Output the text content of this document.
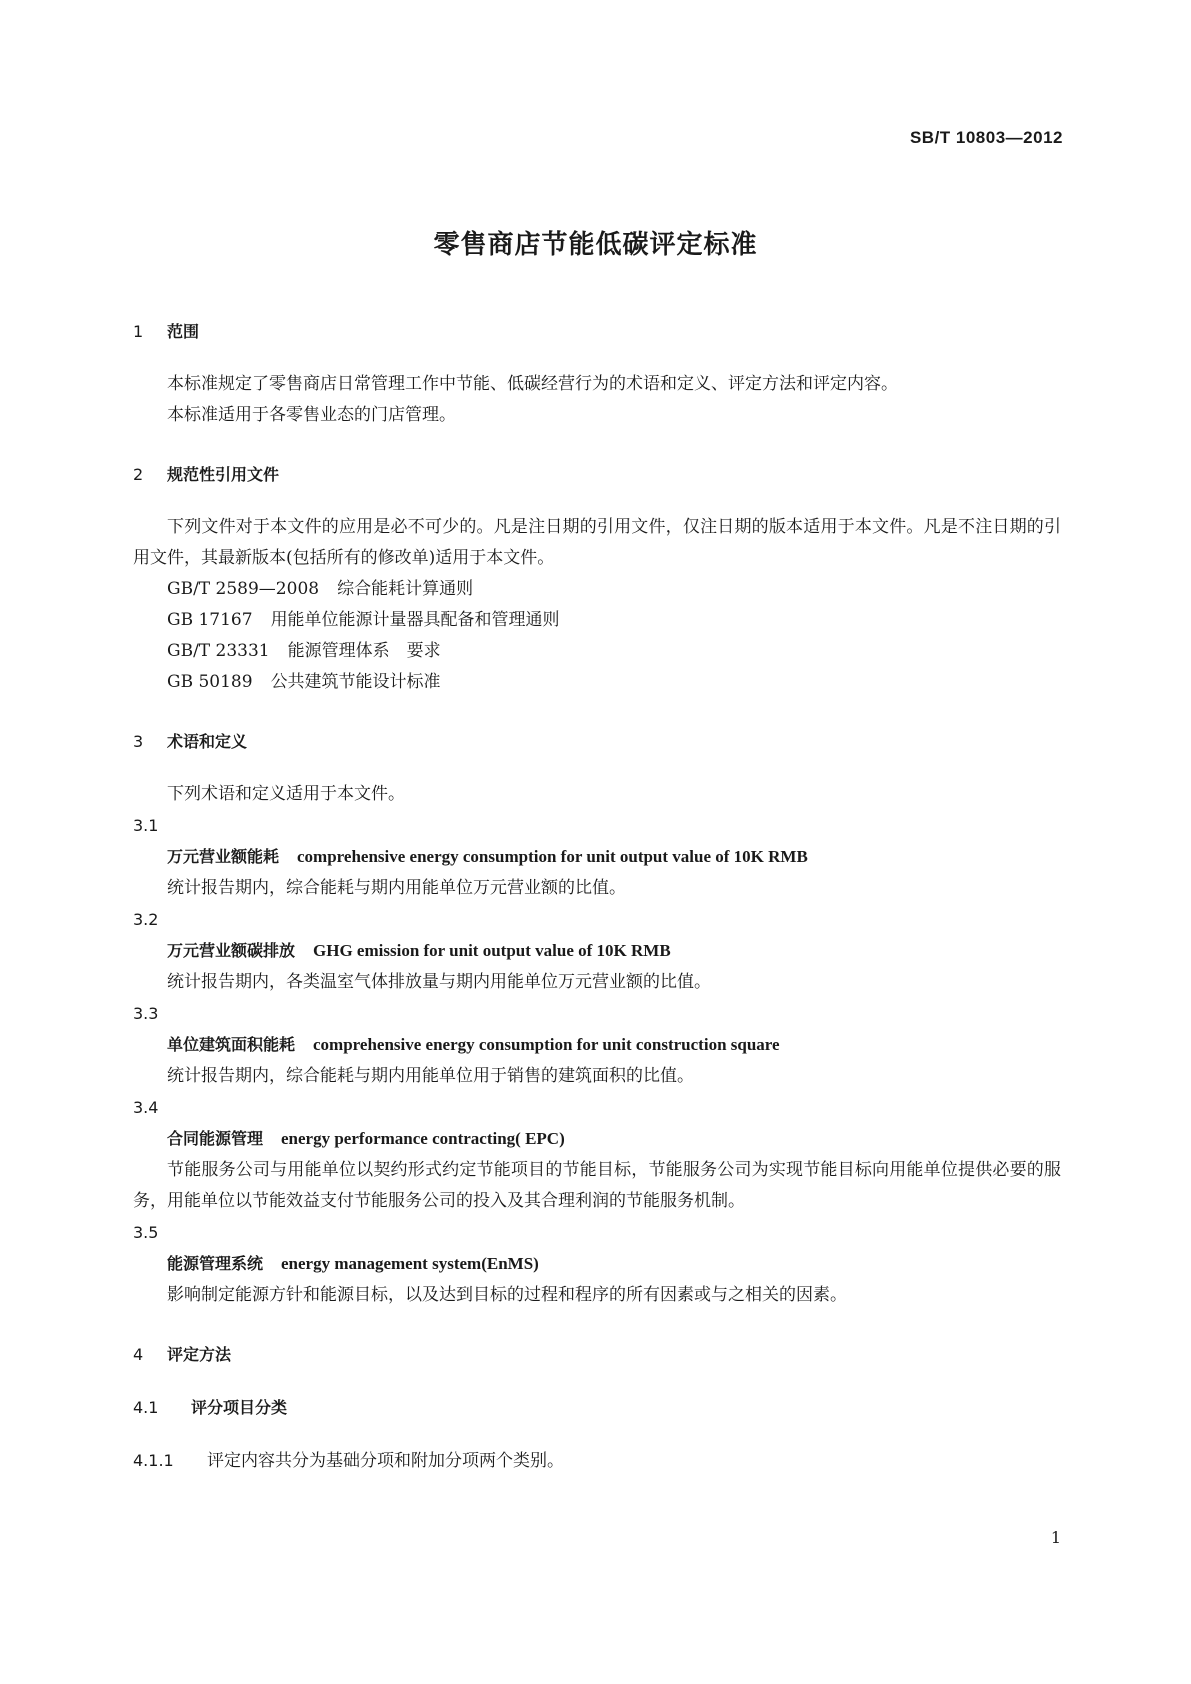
SB/T 10803—2012
零售商店节能低碳评定标准
1 范围

本标准规定了零售商店日常管理工作中节能、低碳经营行为的术语和定义、评定方法和评定内容。

本标准适用于各零售业态的门店管理。

2 规范性引用文件

下列文件对于本文件的应用是必不可少的。凡是注日期的引用文件，仅注日期的版本适用于本文件。凡是不注日期的引用文件，其最新版本(包括所有的修改单)适用于本文件。

GB/T 2589—2008 综合能耗计算通则

GB 17167 用能单位能源计量器具配备和管理通则

GB/T 23331 能源管理体系　要求

GB 50189 公共建筑节能设计标准

3 术语和定义

下列术语和定义适用于本文件。

3.1

万元营业额能耗 comprehensive energy consumption for unit output value of 10K RMB

统计报告期内，综合能耗与期内用能单位万元营业额的比值。

3.2

万元营业额碳排放 GHG emission for unit output value of 10K RMB

统计报告期内，各类温室气体排放量与期内用能单位万元营业额的比值。

3.3

单位建筑面积能耗 comprehensive energy consumption for unit construction square

统计报告期内，综合能耗与期内用能单位用于销售的建筑面积的比值。

3.4

合同能源管理 energy performance contracting( EPC)

节能服务公司与用能单位以契约形式约定节能项目的节能目标，节能服务公司为实现节能目标向用能单位提供必要的服务，用能单位以节能效益支付节能服务公司的投入及其合理利润的节能服务机制。

3.5

能源管理系统 energy management system(EnMS)

影响制定能源方针和能源目标，以及达到目标的过程和程序的所有因素或与之相关的因素。

4 评定方法

4.1 评分项目分类

4.1.1 评定内容共分为基础分项和附加分项两个类别。

1
